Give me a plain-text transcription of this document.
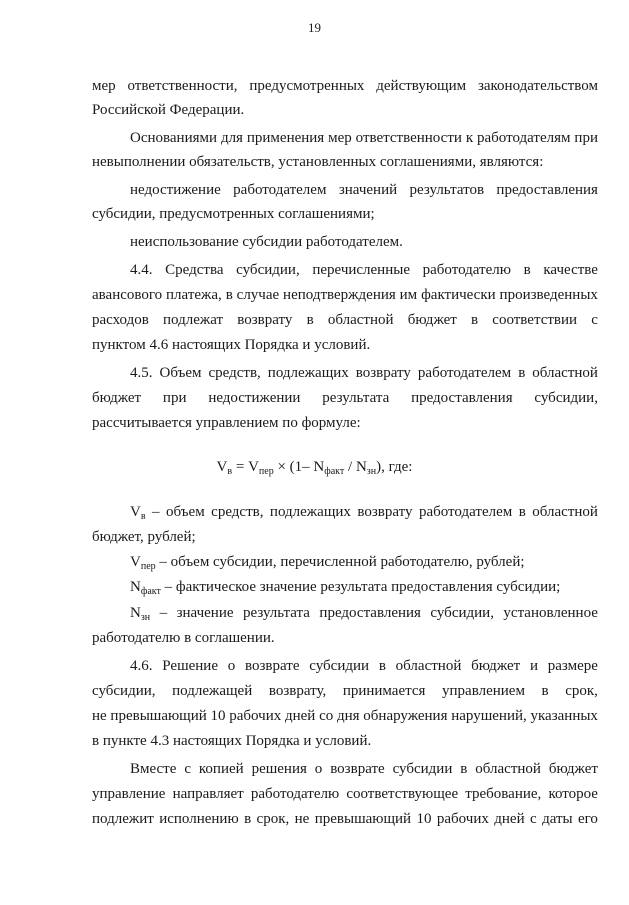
19
мер ответственности, предусмотренных действующим законодательством
Российской Федерации.
Основаниями для применения мер ответственности к работодателям при
невыполнении обязательств, установленных соглашениями, являются:
недостижение работодателем значений результатов предоставления
субсидии, предусмотренных соглашениями;
неиспользование субсидии работодателем.
4.4. Средства субсидии, перечисленные работодателю в качестве
авансового платежа, в случае неподтверждения им фактически произведенных
расходов подлежат возврату в областной бюджет в соответствии с
пунктом 4.6 настоящих Порядка и условий.
4.5. Объем средств, подлежащих возврату работодателем в областной
бюджет при недостижении результата предоставления субсидии,
рассчитывается управлением по формуле:
$V_в$ – объем средств, подлежащих возврату работодателем в областной
бюджет, рублей;
$V_{пер}$ – объем субсидии, перечисленной работодателю, рублей;
$N_{факт}$ – фактическое значение результата предоставления субсидии;
$N_{зн}$ – значение результата предоставления субсидии, установленное
работодателю в соглашении.
4.6. Решение о возврате субсидии в областной бюджет и размере
субсидии, подлежащей возврату, принимается управлением в срок,
не превышающий 10 рабочих дней со дня обнаружения нарушений, указанных
в пункте 4.3 настоящих Порядка и условий.
Вместе с копией решения о возврате субсидии в областной бюджет
управление направляет работодателю соответствующее требование, которое
подлежит исполнению в срок, не превышающий 10 рабочих дней с даты его
$V_в = V_{пер} \times (1-$ $N_{факт} / N_{зн}$), где:
